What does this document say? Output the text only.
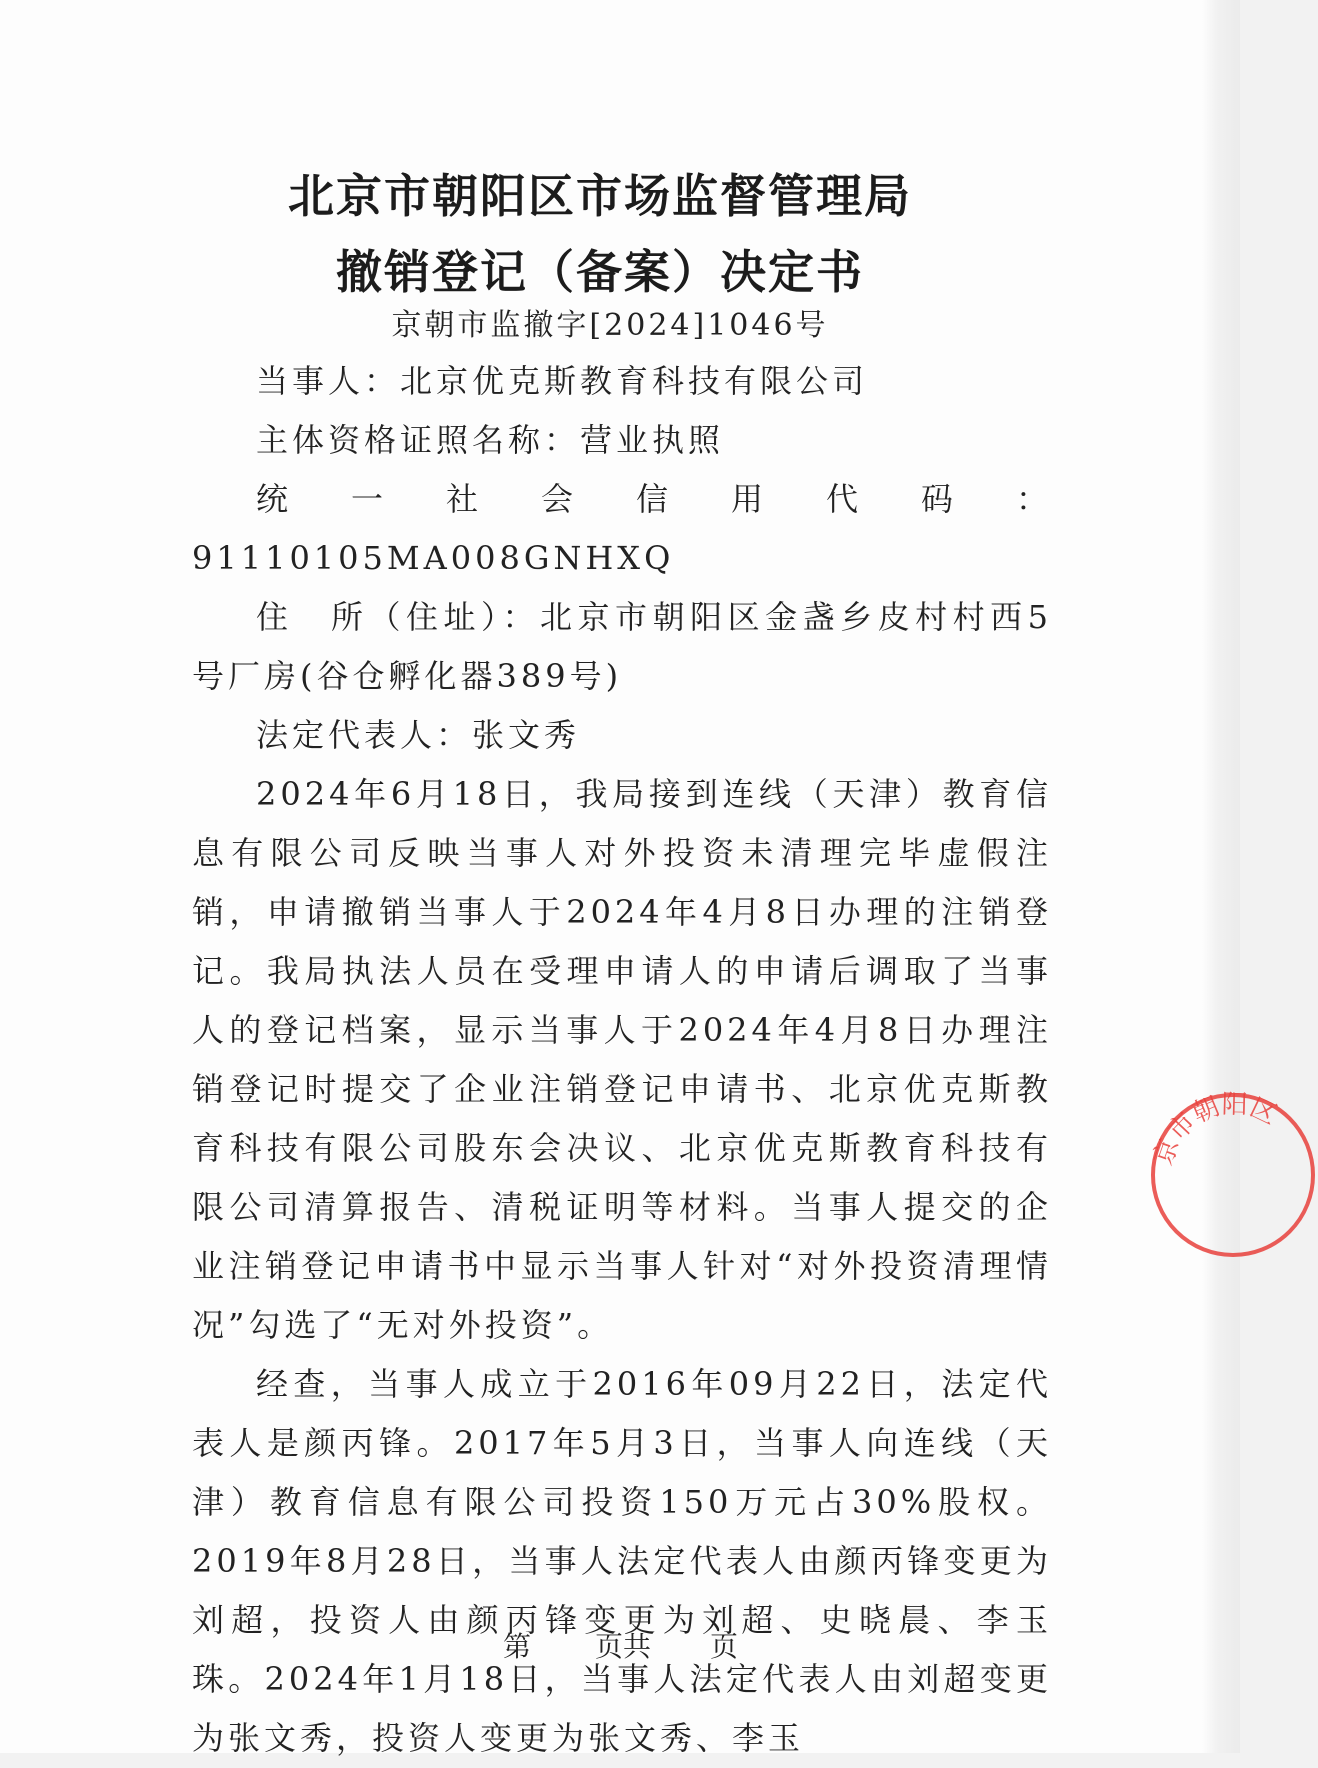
北京市朝阳区市场监督管理局
撤销登记（备案）决定书
京朝市监撤字[2024]1046号

当事人：北京优克斯教育科技有限公司

主体资格证照名称：营业执照

统一社会信用代码：91110105MA008GNHXQ

住　所（住址）：北京市朝阳区金盏乡皮村村西5号厂房(谷仓孵化器389号)

法定代表人：张文秀

2024年6月18日，我局接到连线（天津）教育信息有限公司反映当事人对外投资未清理完毕虚假注销，申请撤销当事人于2024年4月8日办理的注销登记。我局执法人员在受理申请人的申请后调取了当事人的登记档案，显示当事人于2024年4月8日办理注销登记时提交了企业注销登记申请书、北京优克斯教育科技有限公司股东会决议、北京优克斯教育科技有限公司清算报告、清税证明等材料。当事人提交的企业注销登记申请书中显示当事人针对“对外投资清理情况”勾选了“无对外投资”。

经查，当事人成立于2016年09月22日，法定代表人是颜丙锋。2017年5月3日，当事人向连线（天津）教育信息有限公司投资150万元占30%股权。2019年8月28日，当事人法定代表人由颜丙锋变更为刘超，投资人由颜丙锋变更为刘超、史晓晨、李玉珠。2024年1月18日，当事人法定代表人由刘超变更为张文秀，投资人变更为张文秀、李玉

第 页共 页
京市朝阳区
